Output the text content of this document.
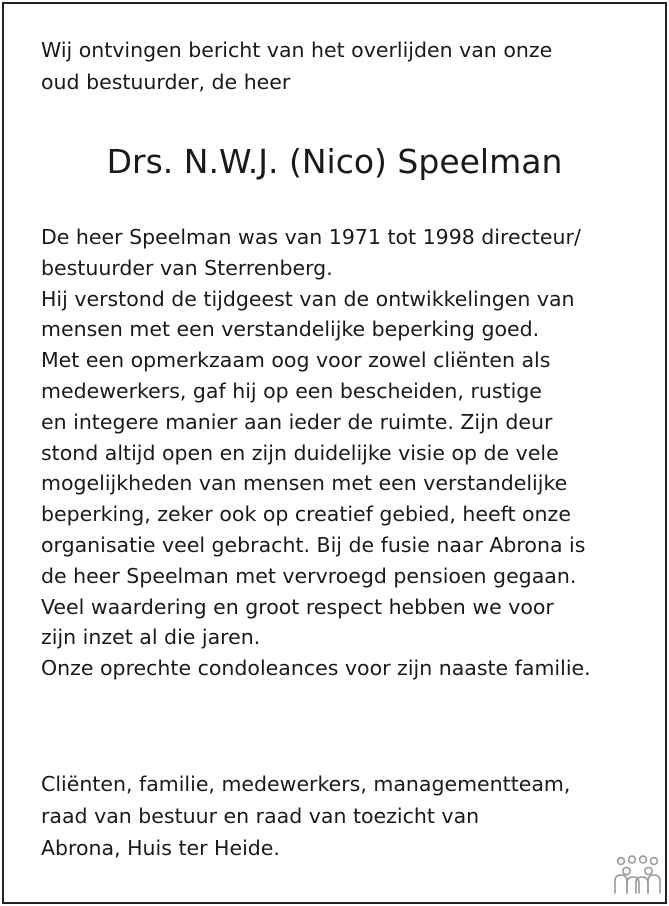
Wij ontvingen bericht van het overlijden van onze
oud bestuurder, de heer
Drs. N.W.J. (Nico) Speelman
De heer Speelman was van 1971 tot 1998 directeur/
bestuurder van Sterrenberg.
Hij verstond de tijdgeest van de ontwikkelingen van
mensen met een verstandelijke beperking goed.
Met een opmerkzaam oog voor zowel cliënten als
medewerkers, gaf hij op een bescheiden, rustige
en integere manier aan ieder de ruimte. Zijn deur
stond altijd open en zijn duidelijke visie op de vele
mogelijkheden van mensen met een verstandelijke
beperking, zeker ook op creatief gebied, heeft onze
organisatie veel gebracht. Bij de fusie naar Abrona is
de heer Speelman met vervroegd pensioen gegaan.
Veel waardering en groot respect hebben we voor
zijn inzet al die jaren.
Onze oprechte condoleances voor zijn naaste familie.
Cliënten, familie, medewerkers, managementteam,
raad van bestuur en raad van toezicht van
Abrona, Huis ter Heide.
